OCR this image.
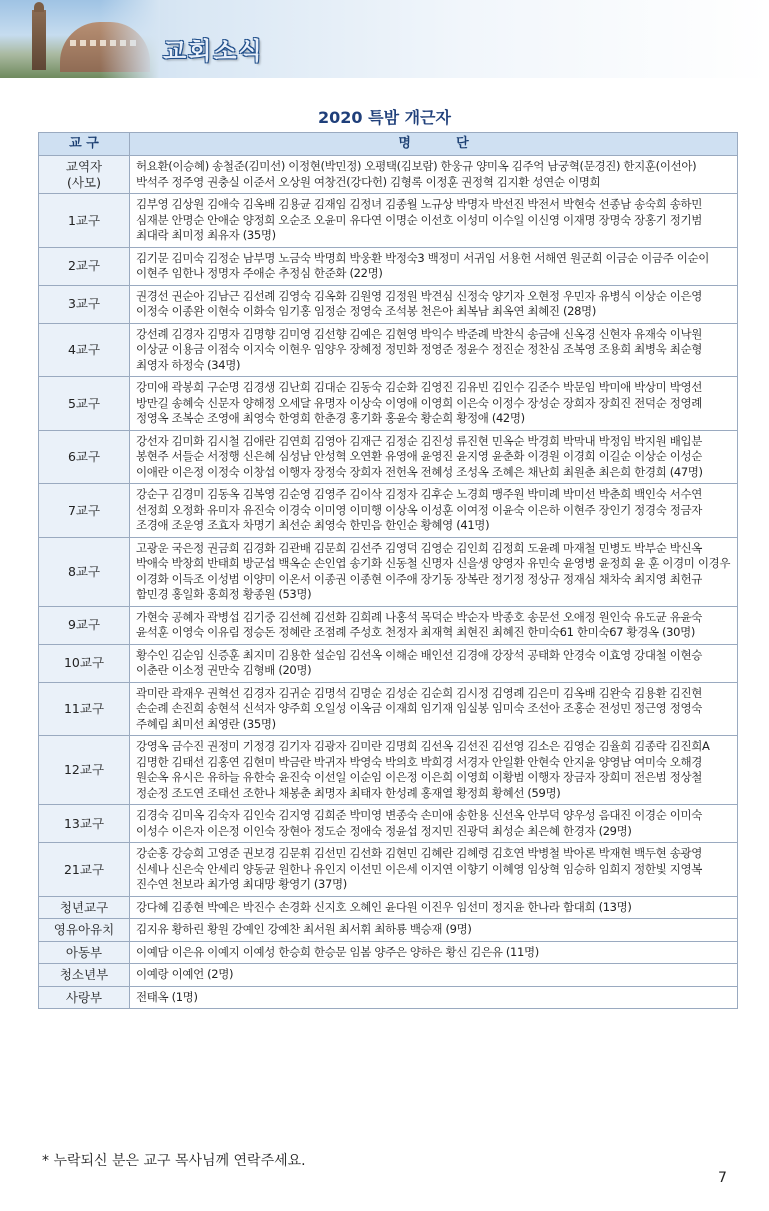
교회소식
2020 특밤 개근자
교 구	명          단
교역자
(사모)	허요환(이승혜) 송철준(김미선) 이정현(박민정) 오평택(김보람) 한웅규 양미옥 김주억 남궁혁(문경진) 한지훈(이선아) 박석주 정주영 권충실 이준서 오상원 여창건(강다헌) 김형록 이정훈 권정혁 김지환 성연순 이명희
1교구	김부영 김상원 김애숙 김옥배 김용균 김재임 김정녀 김종월 노규상 박명자 박선진 박전서 박현숙 선종남 송숙희 송하민 심재분 안명순 안애순 양정희 오순조 오윤미 유다연 이명순 이선호 이성미 이수일 이신영 이재명 장명숙 장홍기 정기범 최대락 최미정 최유자 (35명)
2교구	김기문 김미숙 김정순 남부명 노금숙 박명희 박웅환 박정숙3 백정미 서귀임 서용헌 서해연 원군희 이금순 이금주 이순이 이현주 임한나 정명자 주애순 추정심 한준화 (22명)
3교구	권경선 권순아 김남근 김선례 김영숙 김옥화 김원영 김정원 박견심 신정숙 양기자 오현정 우민자 유병식 이상순 이은영 이정숙 이종완 이현숙 이화숙 임기홍 임정순 정영숙 조석봉 천은아 최복남 최옥연 최혜진 (28명)
4교구	강선례 김경자 김명자 김명향 김미영 김선향 김예은 김현영 박익수 박준례 박찬식 송금애 신옥경 신현자 유재숙 이낙원 이상균 이용금 이점숙 이지숙 이현우 임양우 장혜정 정민화 정영준 정윤수 정진순 정찬심 조복영 조용희 최병욱 최순형 최영자 하정숙 (34명)
5교구	강미애 곽봉희 구순명 김경생 김난희 김대순 김동숙 김순화 김영진 김유빈 김인수 김준수 박문임 박미애 박상미 박영선 방만길 송혜숙 신문자 양해정 오세달 유명자 이상숙 이영애 이영희 이은숙 이정수 장성순 장희자 장희진 전덕순 정영례 정영옥 조복순 조영애 최영숙 한영희 한춘경 홍기화 홍윤숙 황순희 황정애 (42명)
6교구	강선자 김미화 김시철 김애란 김연희 김영아 김재근 김정순 김진성 류진현 민옥순 박경희 박막내 박정임 박지원 배입분 봉현주 서들순 서정행 신은혜 심성남 안성혁 오연환 유영애 윤영진 윤지영 윤춘화 이경원 이경희 이길순 이상순 이성순 이애란 이은정 이정숙 이창섭 이행자 장정숙 장희자 전헌옥 전혜성 조성옥 조혜은 채난희 최원춘 최은희 한경희 (47명)
7교구	강순구 김경미 김동옥 김복영 김순영 김영주 김이삭 김정자 김후순 노경희 맹주원 박미례 박미선 박춘희 백인숙 서수연 선정희 오정화 유미자 유진숙 이경숙 이미영 이미행 이상옥 이성훈 이여정 이윤숙 이은하 이현주 장인기 정경숙 정금자 조경애 조운영 조효자 차명기 최선순 최영숙 한민음 한인순 황혜영 (41명)
8교구	고광운 국은정 권금희 김경화 김관배 김문희 김선주 김영덕 김영순 김인희 김정희 도윤례 마재철 민병도 박부순 박신옥 박애숙 박창희 반태희 방군섭 백옥순 손인엽 송기화 신동철 신명자 신을생 양영자 유민숙 윤영병 윤정희 윤 훈 이경미 이경우 이경화 이득조 이성범 이양미 이온서 이종권 이종현 이주애 장기동 장복란 정기정 정상규 정재심 채차숙 최지영 최헌규 함민경 홍일화 홍희정 황종원 (53명)
9교구	가현숙 공혜자 곽병섭 김기중 김선혜 김선화 김희례 나홍석 목덕순 박순자 박종호 송문선 오애정 원인숙 유도균 유윤숙 윤석훈 이영숙 이유림 정승돈 정혜란 조점례 주성호 천정자 최재혁 최현진 최혜진 한미숙61 한미숙67 황경옥 (30명)
10교구	황수인 김순임 신증훈 최지미 김용한 설순임 김선옥 이해순 배인선 김경애 강장석 공태화 안경숙 이효영 강대철 이현승 이춘란 이소정 권만숙 김형배 (20명)
11교구	곽미란 곽재우 권혁선 김경자 김귀순 김명석 김명순 김성순 김순희 김시정 김영례 김은미 김옥배 김완숙 김용환 김진현 손순례 손진희 송현석 신석자 양주희 오일성 이옥금 이재희 임기재 임실봉 임미숙 조선아 조홍순 전성민 정근영 정영숙 주혜림 최미선 최영란 (35명)
12교구	강영옥 금수진 권정미 기정경 김기자 김광자 김미란 김명희 김선옥 김선진 김선영 김소은 김영순 김율희 김종락 김진희A 김명한 김태선 김홍연 김현미 박금란 박귀자 박영숙 박의호 박희경 서경자 안일환 안현숙 안지윤 양영남 여미숙 오해경 원순옥 유시은 유하늘 유한숙 윤진숙 이선일 이순임 이은정 이은희 이영희 이황범 이행자 장금자 장희미 전은범 정상철 정순정 조도연 조태선 조한나 채봉춘 최명자 최태자 한성례 홍재열 황정희 황혜선 (59명)
13교구	김경숙 김미옥 김숙자 김인숙 김지영 김희준 박미영 변종숙 손미애 송한용 신선옥 안부덕 양우성 음대진 이경순 이미숙 이성수 이은자 이은정 이인숙 장현아 정도순 정애숙 정윤섭 정지민 진광덕 최성순 최은혜 한경자 (29명)
21교구	강순홍 강승희 고영준 권보경 김문휘 김선민 김선화 김현민 김혜란 김혜령 김호연 박병철 박아론 박재현 백두현 송광영 신세나 신은숙 안세리 양동균 원한나 유인지 이선민 이은세 이지연 이향기 이혜영 임상혁 임승하 임희지 정한빛 지영복 진수연 천보라 최가영 최대망 황영기 (37명)
청년교구	강다혜 김종현 박예은 박진수 손경화 신지호 오혜인 윤다원 이진우 임선미 정지윤 한나라 함대희 (13명)
영유아유치	김지유 황하린 황원 강예인 강예찬 최서원 최서휘 최하룡 백승재 (9명)
아동부	이예담 이은유 이예지 이예성 한승희 한승문 임봄 양주은 양하은 황신 김은유 (11명)
청소년부	이예랑 이예언 (2명)
사랑부	전태옥 (1명)
* 누락되신 분은 교구 목사님께 연락주세요.
7
